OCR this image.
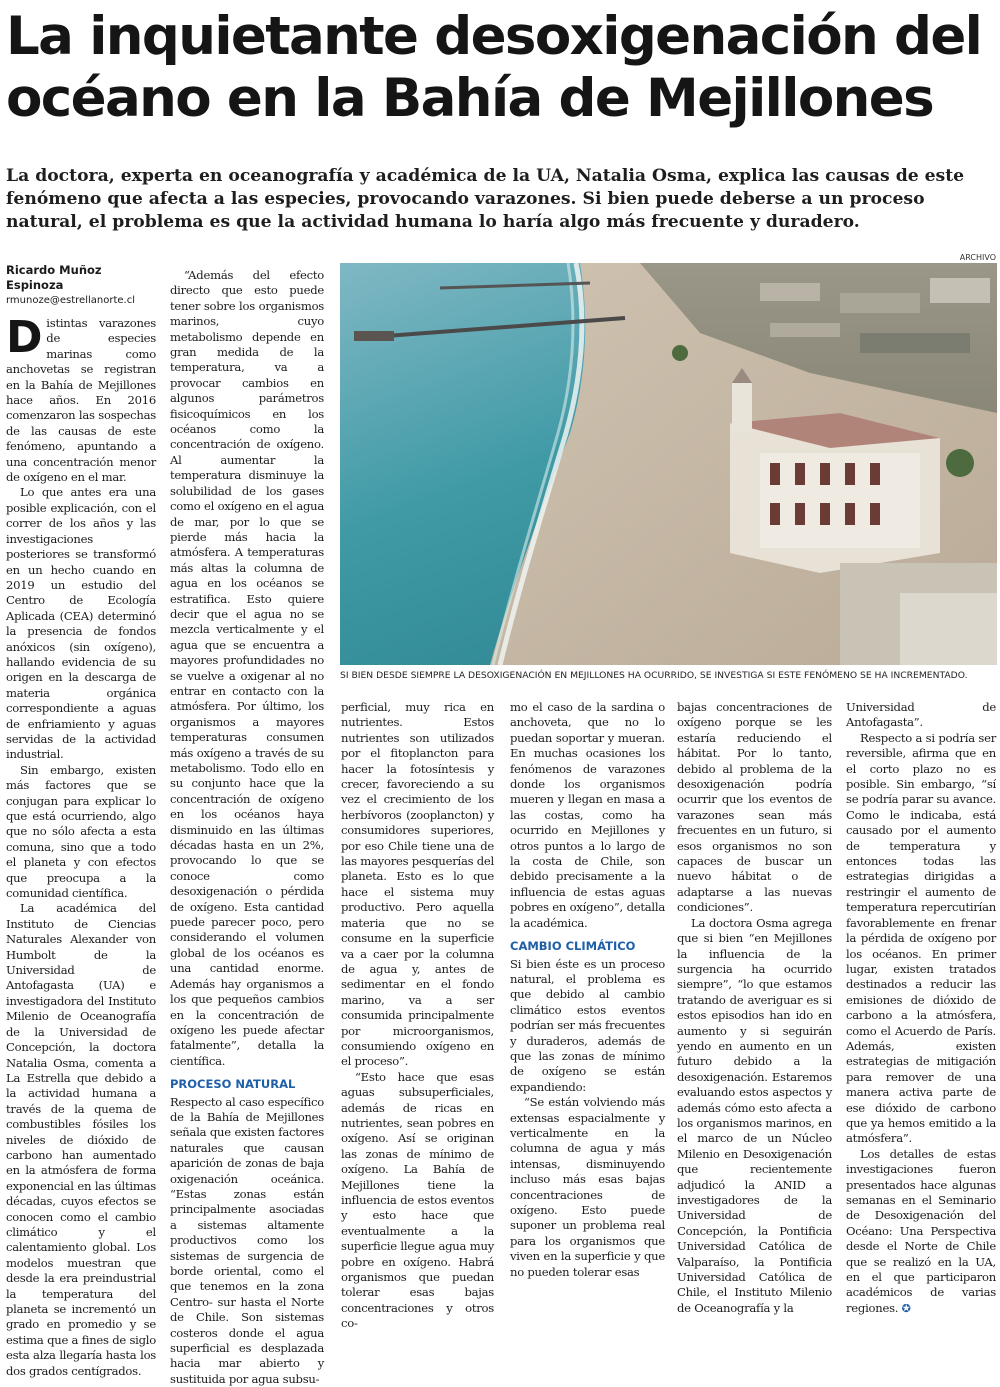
La inquietante desoxigenación del océano en la Bahía de Mejillones

La doctora, experta en oceanografía y académica de la UA, Natalia Osma, explica las causas de este fenómeno que afecta a las especies, provocando varazones. Si bien puede deberse a un proceso natural, el problema es que la actividad humana lo haría algo más frecuente y duradero.

Ricardo Muñoz Espinoza
rmunoze@estrellanorte.cl

Distintas varazones de especies marinas como anchovetas se registran en la Bahía de Mejillones hace años. En 2016 comenzaron las sospechas de las causas de este fenómeno, apuntando a una concentración menor de oxígeno en el mar.

Lo que antes era una posible explicación, con el correr de los años y las investigaciones posteriores se transformó en un hecho cuando en 2019 un estudio del Centro de Ecología Aplicada (CEA) determinó la presencia de fondos anóxicos (sin oxígeno), hallando evidencia de su origen en la descarga de materia orgánica correspondiente a aguas de enfriamiento y aguas servidas de la actividad industrial.

Sin embargo, existen más factores que se conjugan para explicar lo que está ocurriendo, algo que no sólo afecta a esta comuna, sino que a todo el planeta y con efectos que preocupa a la comunidad científica.

La académica del Instituto de Ciencias Naturales Alexander von Humbolt de la Universidad de Antofagasta (UA) e investigadora del Instituto Milenio de Oceanografía de la Universidad de Concepción, la doctora Natalia Osma, comenta a La Estrella que debido a la actividad humana a través de la quema de combustibles fósiles los niveles de dióxido de carbono han aumentado en la atmósfera de forma exponencial en las últimas décadas, cuyos efectos se conocen como el cambio climático y el calentamiento global. Los modelos muestran que desde la era preindustrial la temperatura del planeta se incrementó un grado en promedio y se estima que a fines de siglo esta alza llegaría hasta los dos grados centígrados.

“Además del efecto directo que esto puede tener sobre los organismos marinos, cuyo metabolismo depende en gran medida de la temperatura, va a provocar cambios en algunos parámetros fisicoquímicos en los océanos como la concentración de oxígeno. Al aumentar la temperatura disminuye la solubilidad de los gases como el oxígeno en el agua de mar, por lo que se pierde más hacia la atmósfera. A temperaturas más altas la columna de agua en los océanos se estratifica. Esto quiere decir que el agua no se mezcla verticalmente y el agua que se encuentra a mayores profundidades no se vuelve a oxigenar al no entrar en contacto con la atmósfera. Por último, los organismos a mayores temperaturas consumen más oxígeno a través de su metabolismo. Todo ello en su conjunto hace que la concentración de oxígeno en los océanos haya disminuido en las últimas décadas hasta en un 2%, provocando lo que se conoce como desoxigenación o pérdida de oxígeno. Esta cantidad puede parecer poco, pero considerando el volumen global de los océanos es una cantidad enorme. Además hay organismos a los que pequeños cambios en la concentración de oxígeno les puede afectar fatalmente”, detalla la científica.

PROCESO NATURAL

Respecto al caso específico de la Bahía de Mejillones señala que existen factores naturales que causan aparición de zonas de baja oxigenación oceánica. “Estas zonas están principalmente asociadas a sistemas altamente productivos como los sistemas de surgencia de borde oriental, como el que tenemos en la zona Centro- sur hasta el Norte de Chile. Son sistemas costeros donde el agua superficial es desplazada hacia mar abierto y sustituida por agua subsu-

ARCHIVO
SI BIEN DESDE SIEMPRE LA DESOXIGENACIÓN EN MEJILLONES HA OCURRIDO, SE INVESTIGA SI ESTE FENÓMENO SE HA INCREMENTADO.

perficial, muy rica en nutrientes. Estos nutrientes son utilizados por el fitoplancton para hacer la fotosíntesis y crecer, favoreciendo a su vez el crecimiento de los herbívoros (zooplancton) y consumidores superiores, por eso Chile tiene una de las mayores pesquerías del planeta. Esto es lo que hace el sistema muy productivo. Pero aquella materia que no se consume en la superficie va a caer por la columna de agua y, antes de sedimentar en el fondo marino, va a ser consumida principalmente por microorganismos, consumiendo oxígeno en el proceso”.

“Esto hace que esas aguas subsuperficiales, además de ricas en nutrientes, sean pobres en oxígeno. Así se originan las zonas de mínimo de oxígeno. La Bahía de Mejillones tiene la influencia de estos eventos y esto hace que eventualmente a la superficie llegue agua muy pobre en oxígeno. Habrá organismos que puedan tolerar esas bajas concentraciones y otros co-

mo el caso de la sardina o anchoveta, que no lo puedan soportar y mueran. En muchas ocasiones los fenómenos de varazones donde los organismos mueren y llegan en masa a las costas, como ha ocurrido en Mejillones y otros puntos a lo largo de la costa de Chile, son debido precisamente a la influencia de estas aguas pobres en oxígeno”, detalla la académica.

CAMBIO CLIMÁTICO

Si bien éste es un proceso natural, el problema es que debido al cambio climático estos eventos podrían ser más frecuentes y duraderos, además de que las zonas de mínimo de oxígeno se están expandiendo:

“Se están volviendo más extensas espacialmente y verticalmente en la columna de agua y más intensas, disminuyendo incluso más esas bajas concentraciones de oxígeno. Esto puede suponer un problema real para los organismos que viven en la superficie y que no pueden tolerar esas

bajas concentraciones de oxígeno porque se les estaría reduciendo el hábitat. Por lo tanto, debido al problema de la desoxigenación podría ocurrir que los eventos de varazones sean más frecuentes en un futuro, si esos organismos no son capaces de buscar un nuevo hábitat o de adaptarse a las nuevas condiciones”.

La doctora Osma agrega que si bien “en Mejillones la influencia de la surgencia ha ocurrido siempre”, “lo que estamos tratando de averiguar es si estos episodios han ido en aumento y si seguirán yendo en aumento en un futuro debido a la desoxigenación. Estaremos evaluando estos aspectos y además cómo esto afecta a los organismos marinos, en el marco de un Núcleo Milenio en Desoxigenación que recientemente adjudicó la ANID a investigadores de la Universidad de Concepción, la Pontificia Universidad Católica de Valparaíso, la Pontificia Universidad Católica de Chile, el Instituto Milenio de Oceanografía y la

Universidad de Antofagasta”.

Respecto a si podría ser reversible, afirma que en el corto plazo no es posible. Sin embargo, “sí se podría parar su avance. Como le indicaba, está causado por el aumento de temperatura y entonces todas las estrategias dirigidas a restringir el aumento de temperatura repercutirían favorablemente en frenar la pérdida de oxígeno por los océanos. En primer lugar, existen tratados destinados a reducir las emisiones de dióxido de carbono a la atmósfera, como el Acuerdo de París. Además, existen estrategias de mitigación para remover de una manera activa parte de ese dióxido de carbono que ya hemos emitido a la atmósfera”.

Los detalles de estas investigaciones fueron presentados hace algunas semanas en el Seminario de Desoxigenación del Océano: Una Perspectiva desde el Norte de Chile que se realizó en la UA, en el que participaron académicos de varias regiones. ✪
